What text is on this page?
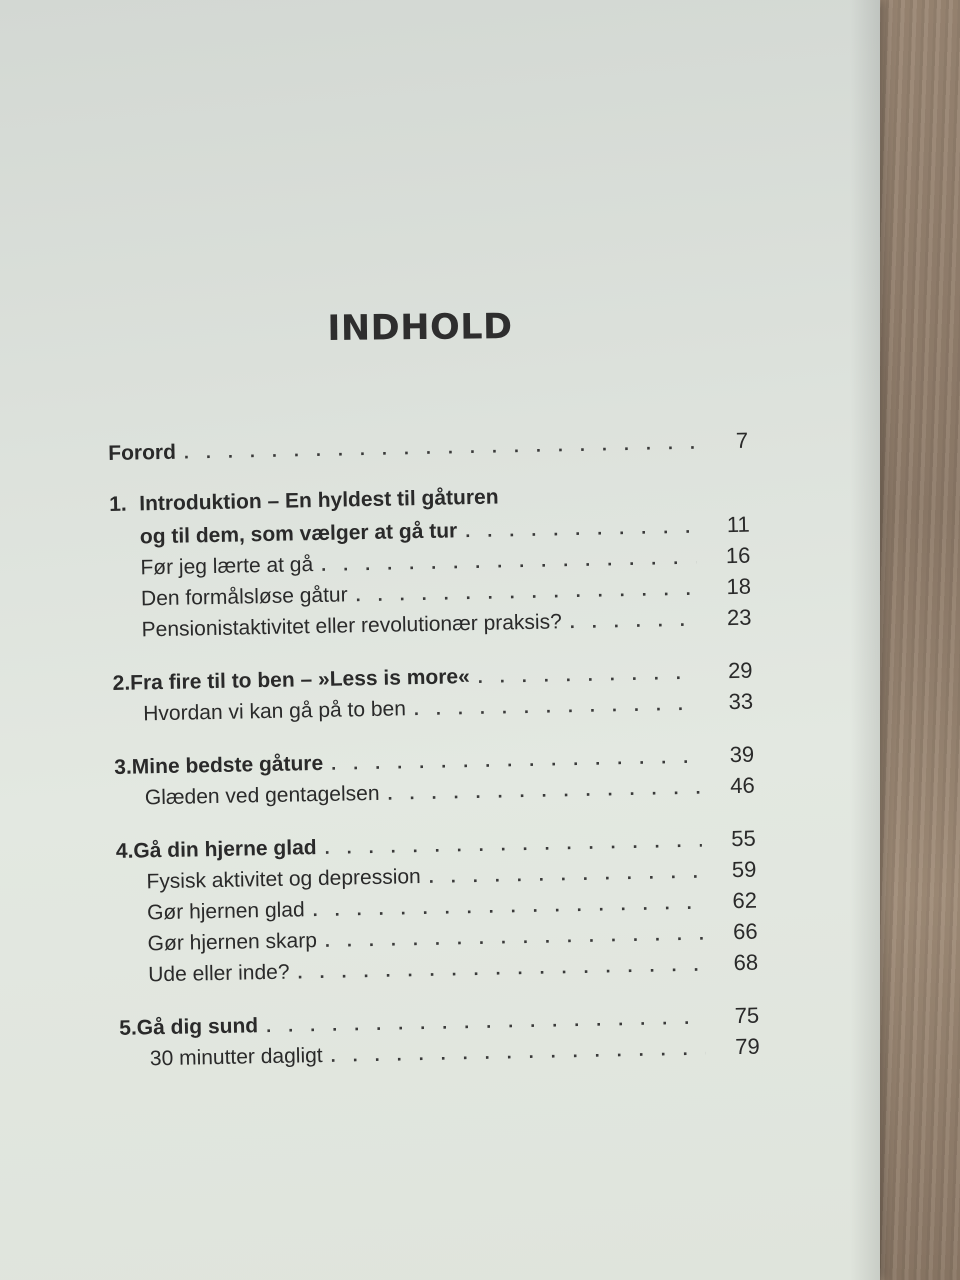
INDHOLD
Forord . . .	7
1. Introduktion – En hyldest til gåturen
og til dem, som vælger at gå tur . . .	11
Før jeg lærte at gå . . .	16
Den formålsløse gåtur . . .	18
Pensionistaktivitet eller revolutionær praksis? . . .	23
2. Fra fire til to ben – »Less is more« . . .	29
Hvordan vi kan gå på to ben . . .	33
3. Mine bedste gåture . . .	39
Glæden ved gentagelsen . . .	46
4. Gå din hjerne glad . . .	55
Fysisk aktivitet og depression . . .	59
Gør hjernen glad . . .	62
Gør hjernen skarp . . .	66
Ude eller inde? . . .	68
5. Gå dig sund . . .	75
30 minutter dagligt . . .	79
